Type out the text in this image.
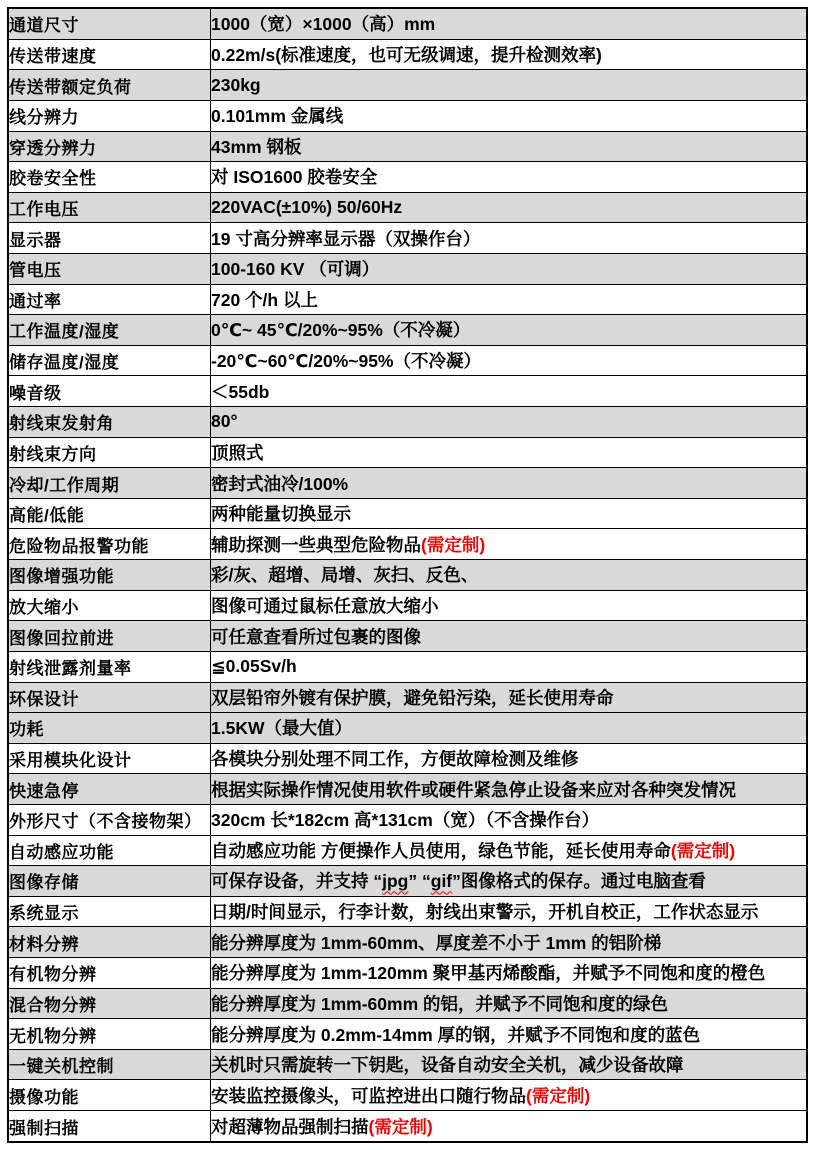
通道尺寸	1000（宽）×1000（高）mm
传送带速度	0.22m/s(标准速度，也可无级调速，提升检测效率)
传送带额定负荷	230kg
线分辨力	0.101mm 金属线
穿透分辨力	43mm 钢板
胶卷安全性	对 ISO1600 胶卷安全
工作电压	220VAC(±10%) 50/60Hz
显示器	19 寸高分辨率显示器（双操作台）
管电压	100-160 KV （可调）
通过率	720 个/h 以上
工作温度/湿度	0℃~ 45℃/20%~95%（不冷凝）
储存温度/湿度	-20℃~60℃/20%~95%（不冷凝）
噪音级	＜55db
射线束发射角	80°
射线束方向	顶照式
冷却/工作周期	密封式油冷/100%
高能/低能	两种能量切换显示
危险物品报警功能	辅助探测一些典型危险物品(需定制)
图像增强功能	彩/灰、超增、局增、灰扫、反色、
放大缩小	图像可通过鼠标任意放大缩小
图像回拉前进	可任意查看所过包裹的图像
射线泄露剂量率	≦0.05Sv/h
环保设计	双层铅帘外镀有保护膜，避免铅污染，延长使用寿命
功耗	1.5KW（最大值）
采用模块化设计	各模块分别处理不同工作，方便故障检测及维修
快速急停	根据实际操作情况使用软件或硬件紧急停止设备来应对各种突发情况
外形尺寸（不含接物架）	320cm 长*182cm 高*131cm（宽）（不含操作台）
自动感应功能	自动感应功能 方便操作人员使用，绿色节能，延长使用寿命(需定制)
图像存储	可保存设备，并支持 “jpg” “gif”图像格式的保存。通过电脑查看
系统显示	日期/时间显示，行李计数，射线出束警示，开机自校正，工作状态显示
材料分辨	能分辨厚度为 1mm-60mm、厚度差不小于 1mm 的铝阶梯
有机物分辨	能分辨厚度为 1mm-120mm 聚甲基丙烯酸酯，并赋予不同饱和度的橙色
混合物分辨	能分辨厚度为 1mm-60mm 的铝，并赋予不同饱和度的绿色
无机物分辨	能分辨厚度为 0.2mm-14mm 厚的钢，并赋予不同饱和度的蓝色
一键关机控制	关机时只需旋转一下钥匙，设备自动安全关机，减少设备故障
摄像功能	安装监控摄像头，可监控进出口随行物品(需定制)
强制扫描	对超薄物品强制扫描(需定制)
